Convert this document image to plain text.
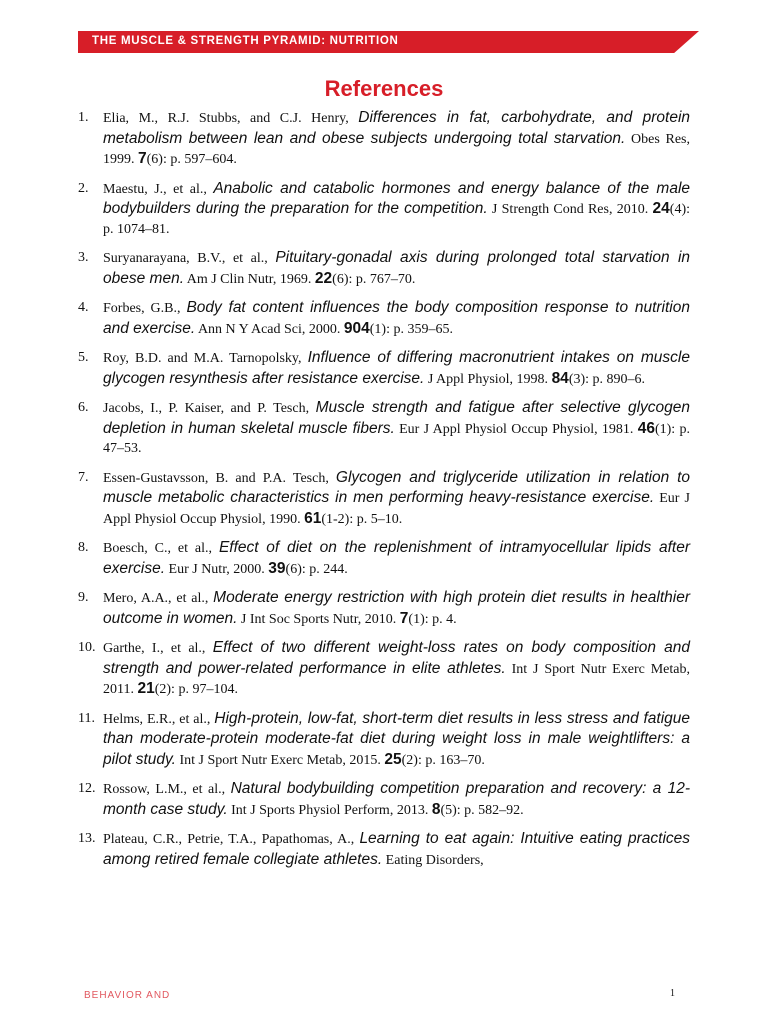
THE MUSCLE & STRENGTH PYRAMID: NUTRITION
References
1. Elia, M., R.J. Stubbs, and C.J. Henry, Differences in fat, carbohydrate, and protein metabolism between lean and obese subjects undergoing total starvation. Obes Res, 1999. 7(6): p. 597–604.
2. Maestu, J., et al., Anabolic and catabolic hormones and energy balance of the male bodybuilders during the preparation for the competition. J Strength Cond Res, 2010. 24(4): p. 1074–81.
3. Suryanarayana, B.V., et al., Pituitary-gonadal axis during prolonged total starvation in obese men. Am J Clin Nutr, 1969. 22(6): p. 767–70.
4. Forbes, G.B., Body fat content influences the body composition response to nutrition and exercise. Ann N Y Acad Sci, 2000. 904(1): p. 359–65.
5. Roy, B.D. and M.A. Tarnopolsky, Influence of differing macronutrient intakes on muscle glycogen resynthesis after resistance exercise. J Appl Physiol, 1998. 84(3): p. 890–6.
6. Jacobs, I., P. Kaiser, and P. Tesch, Muscle strength and fatigue after selective glycogen depletion in human skeletal muscle fibers. Eur J Appl Physiol Occup Physiol, 1981. 46(1): p. 47–53.
7. Essen-Gustavsson, B. and P.A. Tesch, Glycogen and triglyceride utilization in relation to muscle metabolic characteristics in men performing heavy-resistance exercise. Eur J Appl Physiol Occup Physiol, 1990. 61(1-2): p. 5–10.
8. Boesch, C., et al., Effect of diet on the replenishment of intramyocellular lipids after exercise. Eur J Nutr, 2000. 39(6): p. 244.
9. Mero, A.A., et al., Moderate energy restriction with high protein diet results in healthier outcome in women. J Int Soc Sports Nutr, 2010. 7(1): p. 4.
10. Garthe, I., et al., Effect of two different weight-loss rates on body composition and strength and power-related performance in elite athletes. Int J Sport Nutr Exerc Metab, 2011. 21(2): p. 97–104.
11. Helms, E.R., et al., High-protein, low-fat, short-term diet results in less stress and fatigue than moderate-protein moderate-fat diet during weight loss in male weightlifters: a pilot study. Int J Sport Nutr Exerc Metab, 2015. 25(2): p. 163–70.
12. Rossow, L.M., et al., Natural bodybuilding competition preparation and recovery: a 12-month case study. Int J Sports Physiol Perform, 2013. 8(5): p. 582–92.
13. Plateau, C.R., Petrie, T.A., Papathomas, A., Learning to eat again: Intuitive eating practices among retired female collegiate athletes. Eating Disorders,
BEHAVIOR AND	1
